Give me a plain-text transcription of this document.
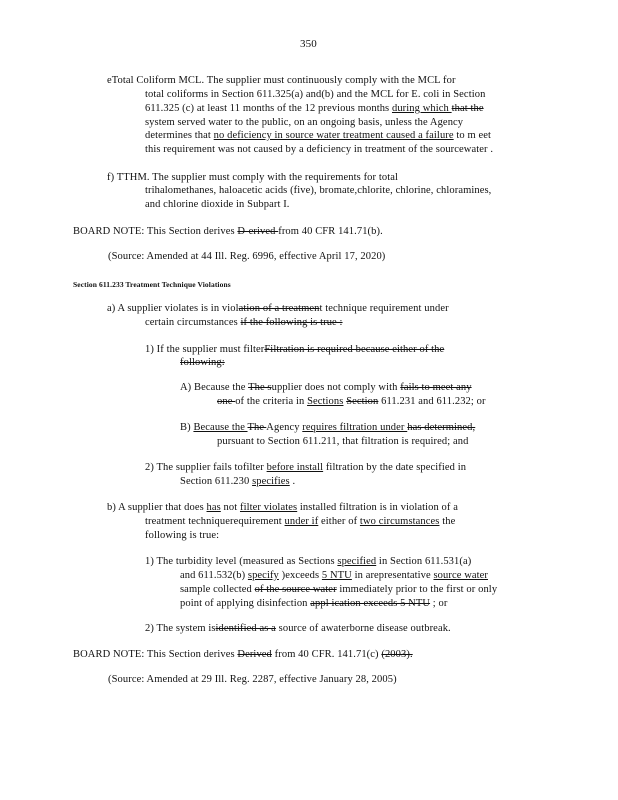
350
eTotal Coliform MCL. The supplier must continuously comply with the MCL for
total coliforms in Section 611.325(a) and(b) and the MCL for E. coli in Section
611.325 (c) at least 11 months of the 12 previous months during which that the
system served water to the public, on an ongoing basis, unless the Agency
determines that no deficiency in source water treatment caused a failure to m eet
this requirement was not caused by a deficiency in treatment of the sourcewater .
f) TTHM. The supplier must comply with the requirements for total
trihalomethanes, haloacetic acids (five), bromate,chlorite, chlorine, chloramines,
and chlorine dioxide in Subpart I.
BOARD NOTE: This Section derives D-erived from 40 CFR 141.71(b).
(Source: Amended at 44 Ill. Reg. 6996, effective April 17, 2020)
Section 611.233 Treatment Technique Violations
a) A supplier violates is in violation of a treatment technique requirement under
certain circumstances if the following is true :
1) If the supplier must filterFiltration is required because either of the
following:
A) Because the The supplier does not comply with fails to meet any
one of the criteria in Sections Section 611.231 and 611.232; or
B) Because the The Agency requires filtration under has determined,
pursuant to Section 611.211, that filtration is required; and
2) The supplier fails tofilter before install filtration by the date specified in
Section 611.230 specifies .
b) A supplier that does has not filter violates installed filtration is in violation of a
treatment techniquerequirement under if either of two circumstances the
following is true:
1) The turbidity level (measured as Sections specified in Section 611.531(a)
and 611.532(b) specify )exceeds 5 NTU in arepresentative source water
sample collected of the source water immediately prior to the first or only
point of applying disinfection appl ication exceeds 5 NTU ; or
2) The system isidentified as a source of awaterborne disease outbreak.
BOARD NOTE: This Section derives Derived from 40 CFR. 141.71(c) (2003).
(Source: Amended at 29 Ill. Reg. 2287, effective January 28, 2005)
